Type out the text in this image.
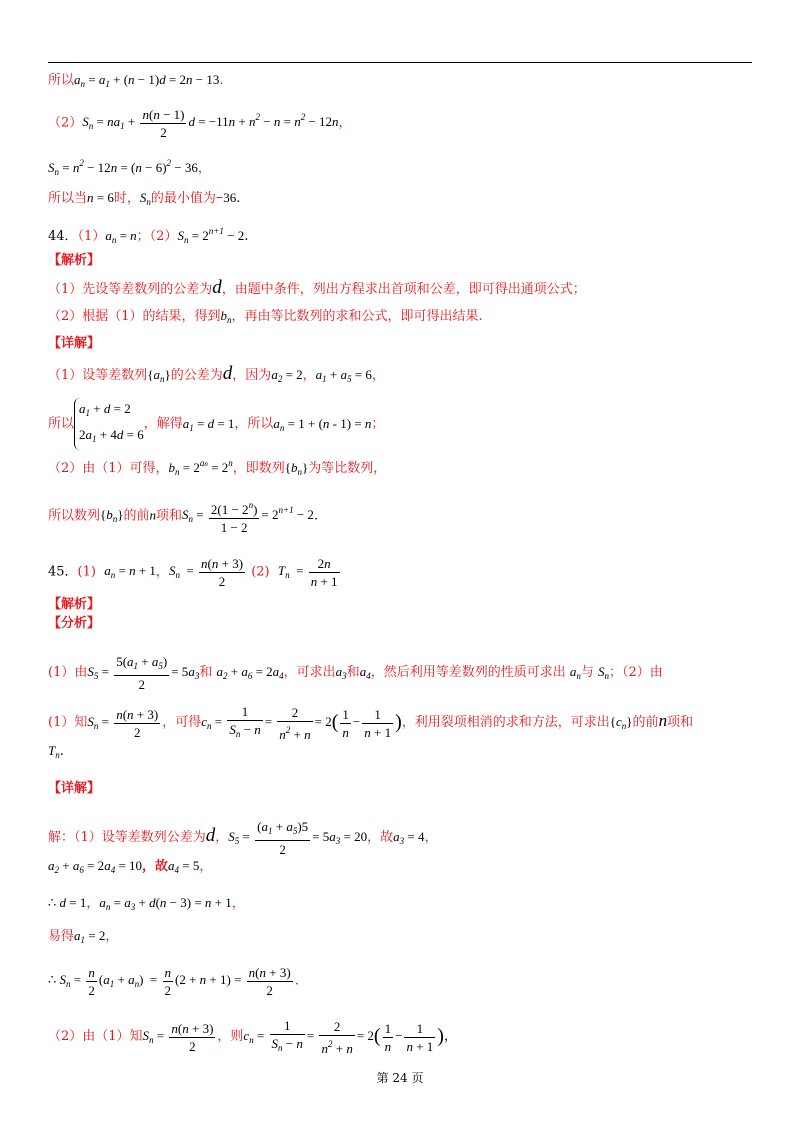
所以$a_n = a_1 + (n - 1)d = 2n - 13$.
$(2)S_n = na_1 + \frac{n(n - 1)}{2}$ $d = -11n + n^2 - n = n^2 - 12n$，
$S_n = n^2 - 12n = (n - 6)^2 - 36$，
所以当n = 6时，$S_n$的最小值为−36.
44．$(1)a_n = n$；$(2)S_n = 2^{n+1} - 2$.
【解析】
（1）先设等差数列的公差为d，由题中条件，列出方程求出首项和公差，即可得出通项公式；
（2）根据（1）的结果，得到$b_n$，再由等比数列的求和公式，即可得出结果.
【详解】
（1）设等差数列$\{a_n\}$的公差为d，因为$a_2 = 2$，$a_1 + a_5 = 6$，
所以
$a_1 + d = 2$
$2a_1 + 4d = 6$
，解得$a_1 = d = 1$，所以$a_n = 1 + (n - 1) = n$；
（2）由（1）可得，$b_n = 2^{an} = 2^n$，即数列$\{b_n\}$为等比数列，
所以数列$\{b_n\}$的前n项和$S_n = \frac{2(1 - 2^n)}{1 - 2} = 2^{n+1} - 2$.
45．(1) $a_n = n + 1$，$S_n = \frac{n(n + 3)}{2} (2) T_n = \frac{2n}{n + 1}$
【解析】
【分析】
(1）由$S_5 = \frac{5(a_1 + a_5)}{2} = 5a_3$和 $a_2 + a_6 = 2a_4$，可求出$a_3$和$a_4$，然后利用等差数列的性质可求出 $a_n$与 $S_n$；（2）由
(1）知$S_n = \frac{n(n + 3)}{2}$ ，可得$c_n = \frac{1}{S_n - n} = \frac{2}{n^2 + n} = 2( \frac{1}{n} - \frac{1}{n + 1}$ )，利用裂项相消的求和方法，可求出$\{c_n\}$的前n项和
$T_n$.
【详解】
解：（1）设等差数列公差为d，$S_5 = \frac{(a_1 + a_5)5}{2} = 5a_3 = 20$，故$a_3 = 4$，
$a_2 + a_6 = 2a_4 = 10$，故$a_4 = 5$，
∴ d = 1，$a_n = a_3 + d(n - 3) = n + 1$，
易得$a_1 = 2$，
∴ $S_n = \frac{n}{2} (a_1 + a_n) = \frac{n}{2} (2 + n + 1) = \frac{n(n + 3)}{2}$ .
（2）由（1）知$S_n = \frac{n(n + 3)}{2}$ ，则$c_n = \frac{1}{S_n - n} = \frac{2}{n^2 + n} = 2( \frac{1}{n} - \frac{1}{n + 1}$ )，
第 24 页
